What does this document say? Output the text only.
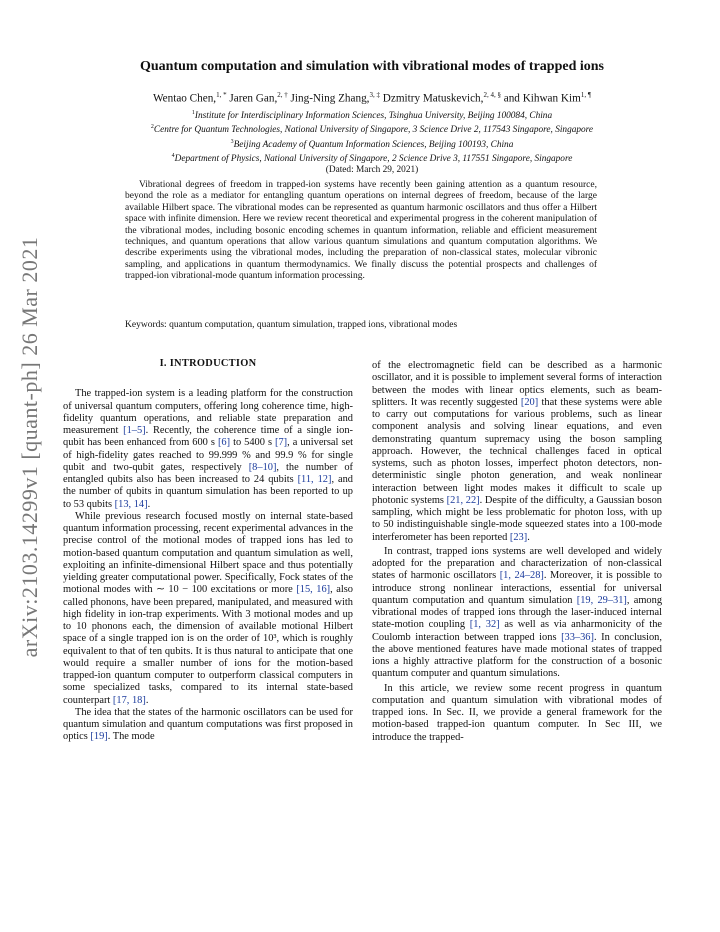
arXiv:2103.14299v1 [quant-ph] 26 Mar 2021
Quantum computation and simulation with vibrational modes of trapped ions
Wentao Chen,$^{1, *}$ Jaren Gan,$^{2, \dagger}$ Jing-Ning Zhang,$^{3, \ddagger}$ Dzmitry Matuskevich,$^{2, 4, \S}$ and Kihwan Kim$^{1, \P}$
$^1$Institute for Interdisciplinary Information Sciences, Tsinghua University, Beijing 100084, China
$^2$Centre for Quantum Technologies, National University of Singapore, 3 Science Drive 2, 117543 Singapore, Singapore
$^3$Beijing Academy of Quantum Information Sciences, Beijing 100193, China
$^4$Department of Physics, National University of Singapore, 2 Science Drive 3, 117551 Singapore, Singapore
(Dated: March 29, 2021)
Vibrational degrees of freedom in trapped-ion systems have recently been gaining attention as a quantum resource, beyond the role as a mediator for entangling quantum operations on internal degrees of freedom, because of the large available Hilbert space. The vibrational modes can be represented as quantum harmonic oscillators and thus offer a Hilbert space with infinite dimension. Here we review recent theoretical and experimental progress in the coherent manipulation of the vibrational modes, including bosonic encoding schemes in quantum information, reliable and efficient measurement techniques, and quantum operations that allow various quantum simulations and quantum computation algorithms. We describe experiments using the vibrational modes, including the preparation of non-classical states, molecular vibronic sampling, and applications in quantum thermodynamics. We finally discuss the potential prospects and challenges of trapped-ion vibrational-mode quantum information processing.
Keywords: quantum computation, quantum simulation, trapped ions, vibrational modes
I. INTRODUCTION

The trapped-ion system is a leading platform for the construction of universal quantum computers, offering long coherence time, high-fidelity quantum operations, and reliable state preparation and measurement [1–5]. Recently, the coherence time of a single ion-qubit has been enhanced from 600 s [6] to 5400 s [7], a universal set of high-fidelity gates reached to 99.999 % and 99.9 % for single qubit and two-qubit gates, respectively [8–10], the number of entangled qubits also has been increased to 24 qubits [11, 12], and the number of qubits in quantum simulation has been reported to up to 53 qubits [13, 14].

While previous research focused mostly on internal state-based quantum information processing, recent experimental advances in the precise control of the motional modes of trapped ions has led to motion-based quantum computation and quantum simulation as well, exploiting an infinite-dimensional Hilbert space and thus potentially yielding greater computational power. Specifically, Fock states of the motional modes with ∼ 10 − 100 excitations or more [15, 16], also called phonons, have been prepared, manipulated, and measured with high fidelity in ion-trap experiments. With 3 motional modes and up to 10 phonons each, the dimension of available motional Hilbert space of a single trapped ion is on the order of 10³, which is roughly equivalent to that of ten qubits. It is thus natural to anticipate that one would require a smaller number of ions for the motion-based trapped-ion quantum computer to outperform classical computers in some specialized tasks, compared to its internal state-based counterpart [17, 18].

The idea that the states of the harmonic oscillators can be used for quantum simulation and quantum computations was first proposed in optics [19]. The mode

of the electromagnetic field can be described as a harmonic oscillator, and it is possible to implement several forms of interaction between the modes with linear optics elements, such as beam-splitters. It was recently suggested [20] that these systems were able to carry out computations for various problems, such as linear component analysis and solving linear equations, and even demonstrating quantum supremacy using the boson sampling approach. However, the technical challenges faced in optical systems, such as photon losses, imperfect photon detectors, non-deterministic single photon generation, and weak nonlinear interaction between light modes makes it difficult to scale up photonic systems [21, 22]. Despite of the difficulty, a Gaussian boson sampling, which might be less problematic for photon loss, with up to 50 indistinguishable single-mode squeezed states into a 100-mode interferometer has been reported [23].

In contrast, trapped ions systems are well developed and widely adopted for the preparation and characterization of non-classical states of harmonic oscillators [1, 24–28]. Moreover, it is possible to introduce strong nonlinear interactions, essential for universal quantum computation and quantum simulation [19, 29–31], among vibrational modes of trapped ions through the laser-induced internal state-motion coupling [1, 32] as well as via anharmonicity of the Coulomb interaction between trapped ions [33–36]. In conclusion, the above mentioned features have made motional states of trapped ions a highly attractive platform for the construction of a bosonic quantum computer and quantum simulations.

In this article, we review some recent progress in quantum computation and quantum simulation with vibrational modes of trapped ions. In Sec. II, we provide a general framework for the motion-based trapped-ion quantum computer. In Sec III, we introduce the trapped-
